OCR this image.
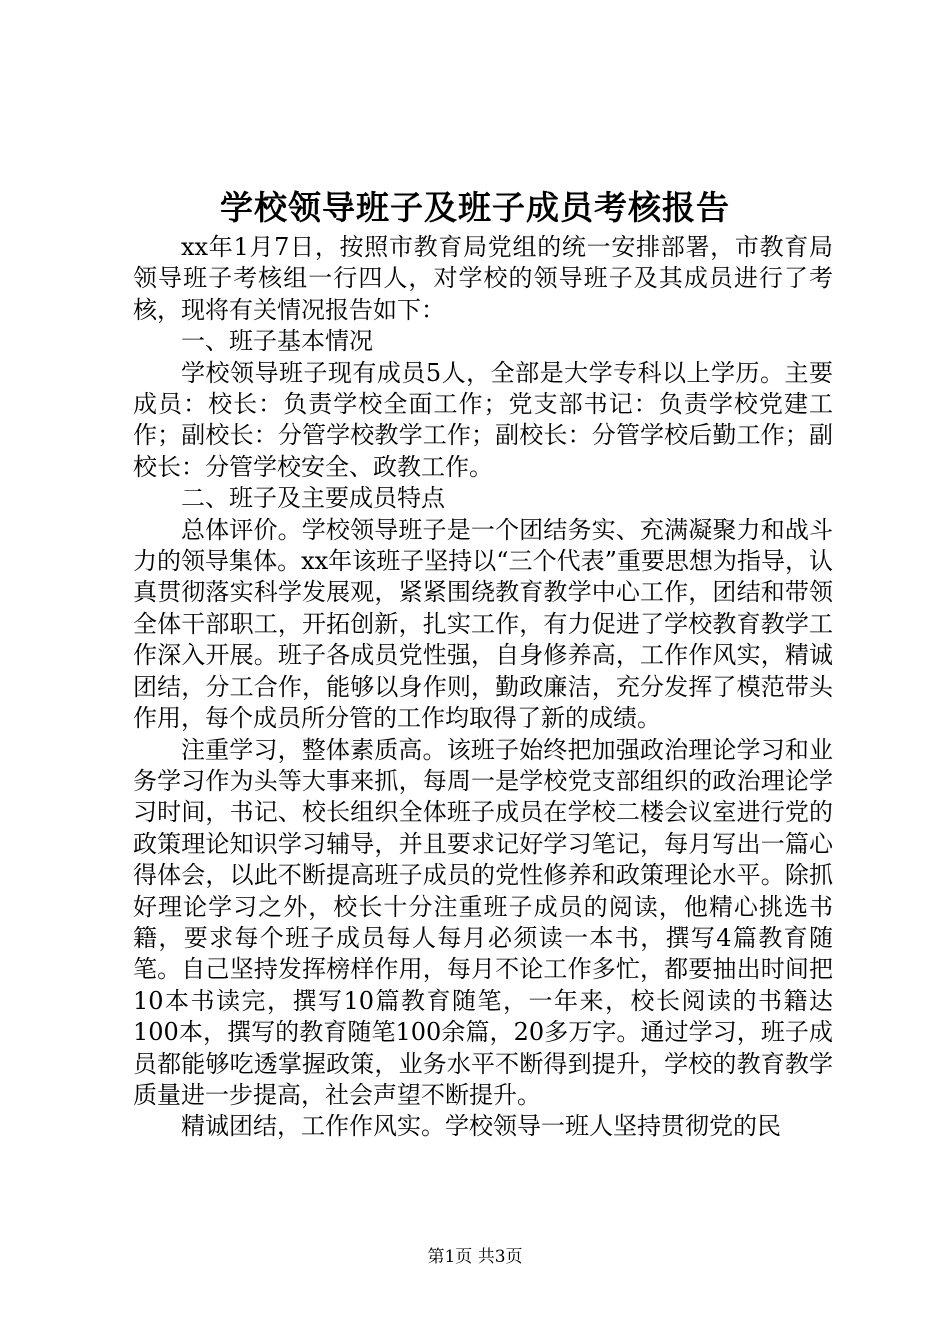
学校领导班子及班子成员考核报告

xx年1月7日，按照市教育局党组的统一安排部署，市教育局领导班子考核组一行四人，对学校的领导班子及其成员进行了考核，现将有关情况报告如下：

一、班子基本情况

学校领导班子现有成员5人，全部是大学专科以上学历。主要成员：校长：负责学校全面工作；党支部书记：负责学校党建工作；副校长：分管学校教学工作；副校长：分管学校后勤工作；副校长：分管学校安全、政教工作。

二、班子及主要成员特点

总体评价。学校领导班子是一个团结务实、充满凝聚力和战斗力的领导集体。xx年该班子坚持以“三个代表”重要思想为指导，认真贯彻落实科学发展观，紧紧围绕教育教学中心工作，团结和带领全体干部职工，开拓创新，扎实工作，有力促进了学校教育教学工作深入开展。班子各成员党性强，自身修养高，工作作风实，精诚团结，分工合作，能够以身作则，勤政廉洁，充分发挥了模范带头作用，每个成员所分管的工作均取得了新的成绩。

注重学习，整体素质高。该班子始终把加强政治理论学习和业务学习作为头等大事来抓，每周一是学校党支部组织的政治理论学习时间，书记、校长组织全体班子成员在学校二楼会议室进行党的政策理论知识学习辅导，并且要求记好学习笔记，每月写出一篇心得体会，以此不断提高班子成员的党性修养和政策理论水平。除抓好理论学习之外，校长十分注重班子成员的阅读，他精心挑选书籍，要求每个班子成员每人每月必须读一本书，撰写4篇教育随笔。自己坚持发挥榜样作用，每月不论工作多忙，都要抽出时间把10本书读完，撰写10篇教育随笔，一年来，校长阅读的书籍达100本，撰写的教育随笔100余篇，20多万字。通过学习，班子成员都能够吃透掌握政策，业务水平不断得到提升，学校的教育教学质量进一步提高，社会声望不断提升。

精诚团结，工作作风实。学校领导一班人坚持贯彻党的民

第1页 共3页
